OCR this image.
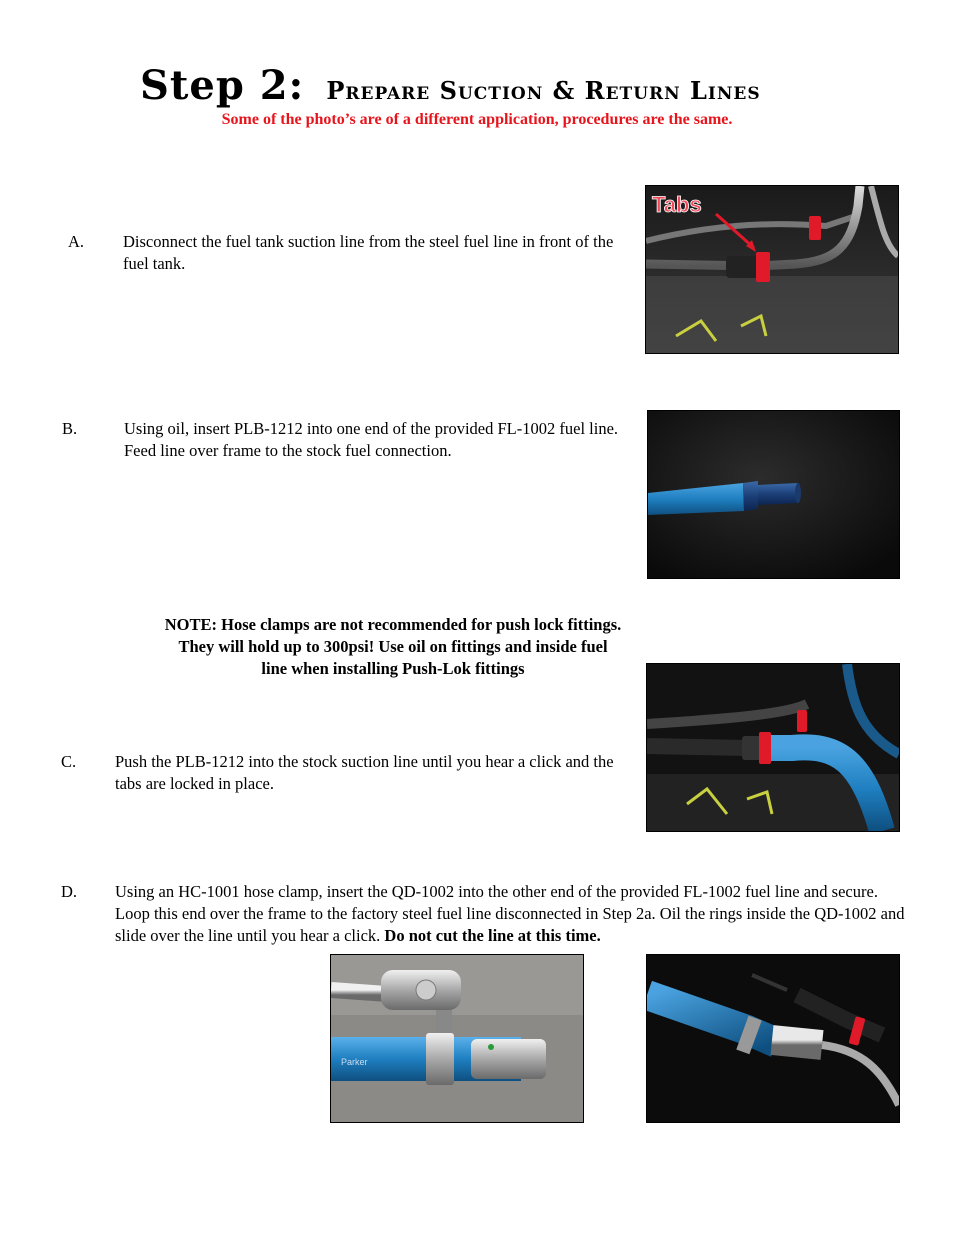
Step 2: Prepare Suction & Return Lines
Some of the photo’s are of a different application, procedures are the same.
A. Disconnect the fuel tank suction line from the steel fuel line in front of the fuel tank.
Tabs
B.	Using oil, insert PLB-1212 into one end of the provided FL-1002 fuel line. Feed line over frame to the stock fuel connection.
NOTE: Hose clamps are not recommended for push lock fittings.
They will hold up to 300psi! Use oil on fittings and inside fuel
line when installing Push-Lok fittings
C. Push the PLB-1212 into the stock suction line until you hear a click and the tabs are locked in place.
D. Using an HC-1001 hose clamp, insert the QD-1002 into the other end of the provided FL-1002 fuel line and secure. Loop this end over the frame to the factory steel fuel line disconnected in Step 2a. Oil the rings inside the QD-1002 and slide over the line until you hear a click. Do not cut the line at this time.
Parker
